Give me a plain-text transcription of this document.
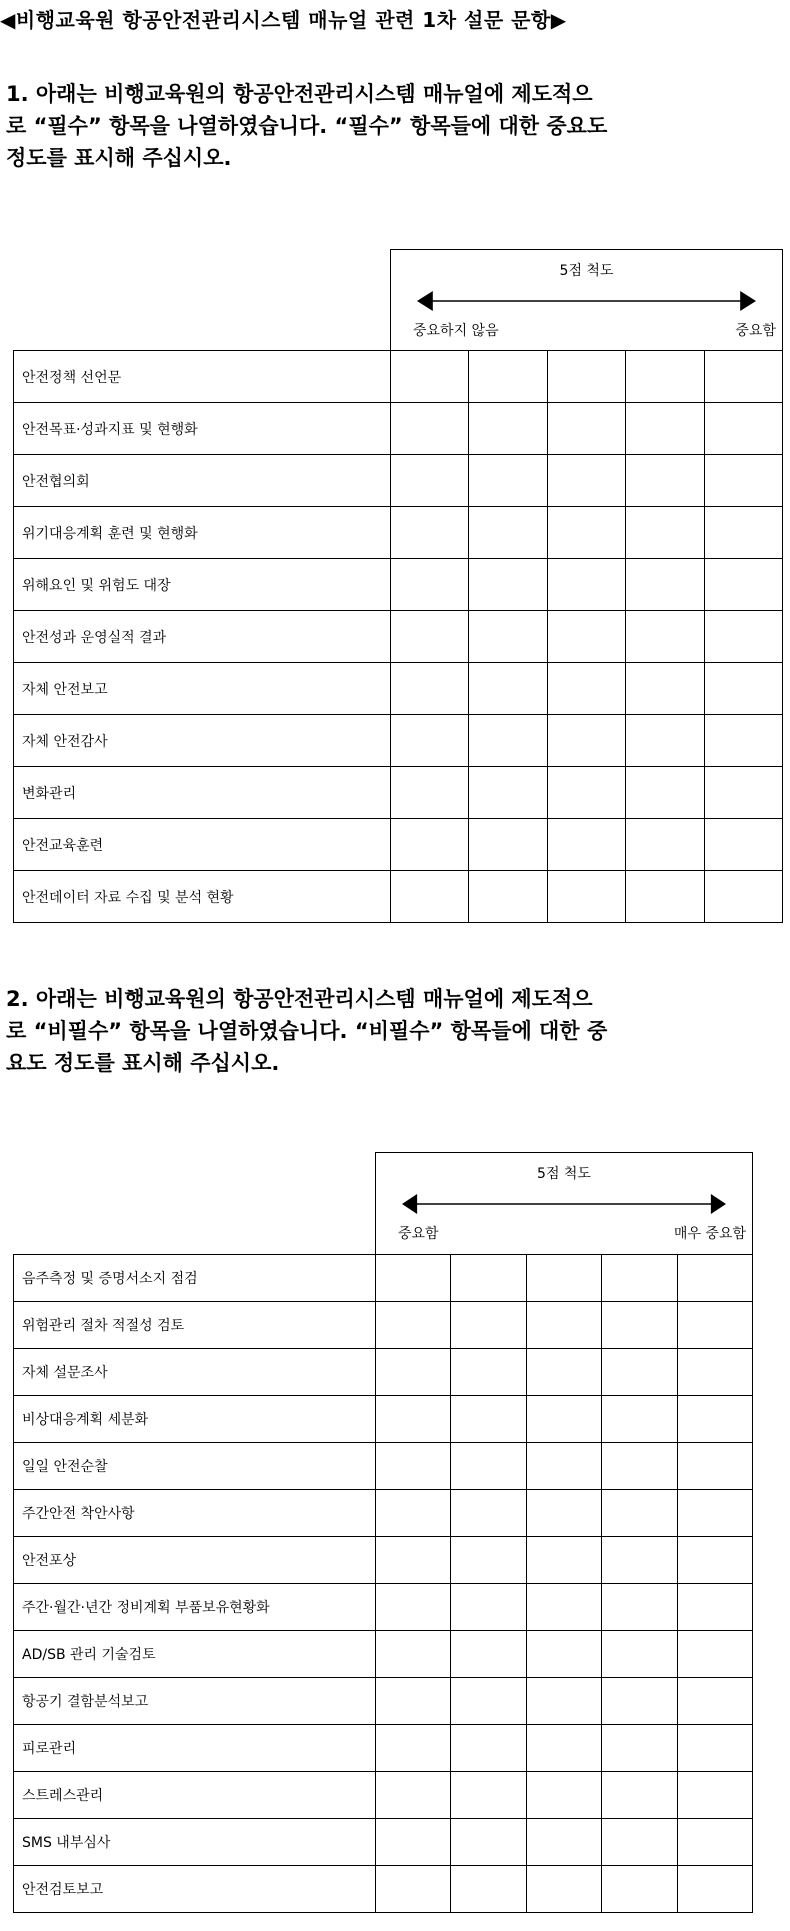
◀비행교육원 항공안전관리시스템 매뉴얼 관련 1차 설문 문항▶
1. 아래는 비행교육원의 항공안전관리시스템 매뉴얼에 제도적으
로 “필수” 항목을 나열하였습니다. “필수” 항목들에 대한 중요도
정도를 표시해 주십시오.

	5점 척도
중요하지 않음 중요함				

안전정책 선언문					
안전목표·성과지표 및 현행화					
안전협의회					
위기대응계획 훈련 및 현행화					
위해요인 및 위험도 대장					
안전성과 운영실적 결과					
자체 안전보고					
자체 안전감사					
변화관리					
안전교육훈련					
안전데이터 자료 수집 및 분석 현황					
2. 아래는 비행교육원의 항공안전관리시스템 매뉴얼에 제도적으
로 “비필수” 항목을 나열하였습니다. “비필수” 항목들에 대한 중
요도 정도를 표시해 주십시오.

	5점 척도
중요함 매우 중요함				

음주측정 및 증명서소지 점검					
위험관리 절차 적절성 검토					
자체 설문조사					
비상대응계획 세분화					
일일 안전순찰					
주간안전 착안사항					
안전포상					
주간·월간·년간 정비계획 부품보유현황화					
AD/SB 관리 기술검토					
항공기 결함분석보고					
피로관리					
스트레스관리					
SMS 내부심사					
안전검토보고					
